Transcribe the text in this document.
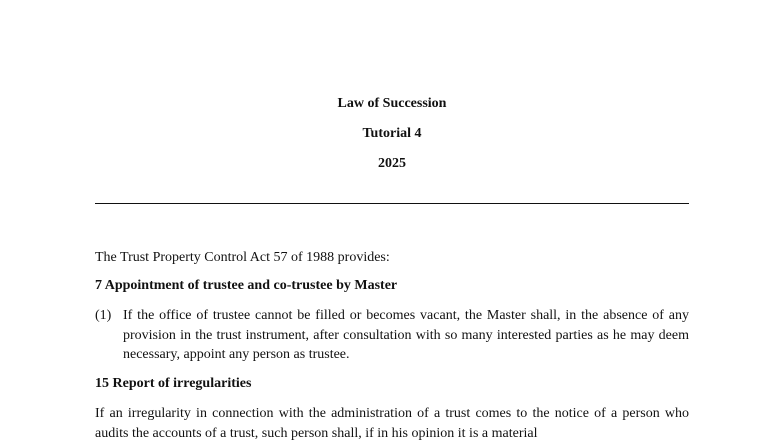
Law of Succession
Tutorial 4
2025
The Trust Property Control Act 57 of 1988 provides:
7 Appointment of trustee and co-trustee by Master
(1) If the office of trustee cannot be filled or becomes vacant, the Master shall, in the absence of any provision in the trust instrument, after consultation with so many interested parties as he may deem necessary, appoint any person as trustee.
15 Report of irregularities
If an irregularity in connection with the administration of a trust comes to the notice of a person who audits the accounts of a trust, such person shall, if in his opinion it is a material
